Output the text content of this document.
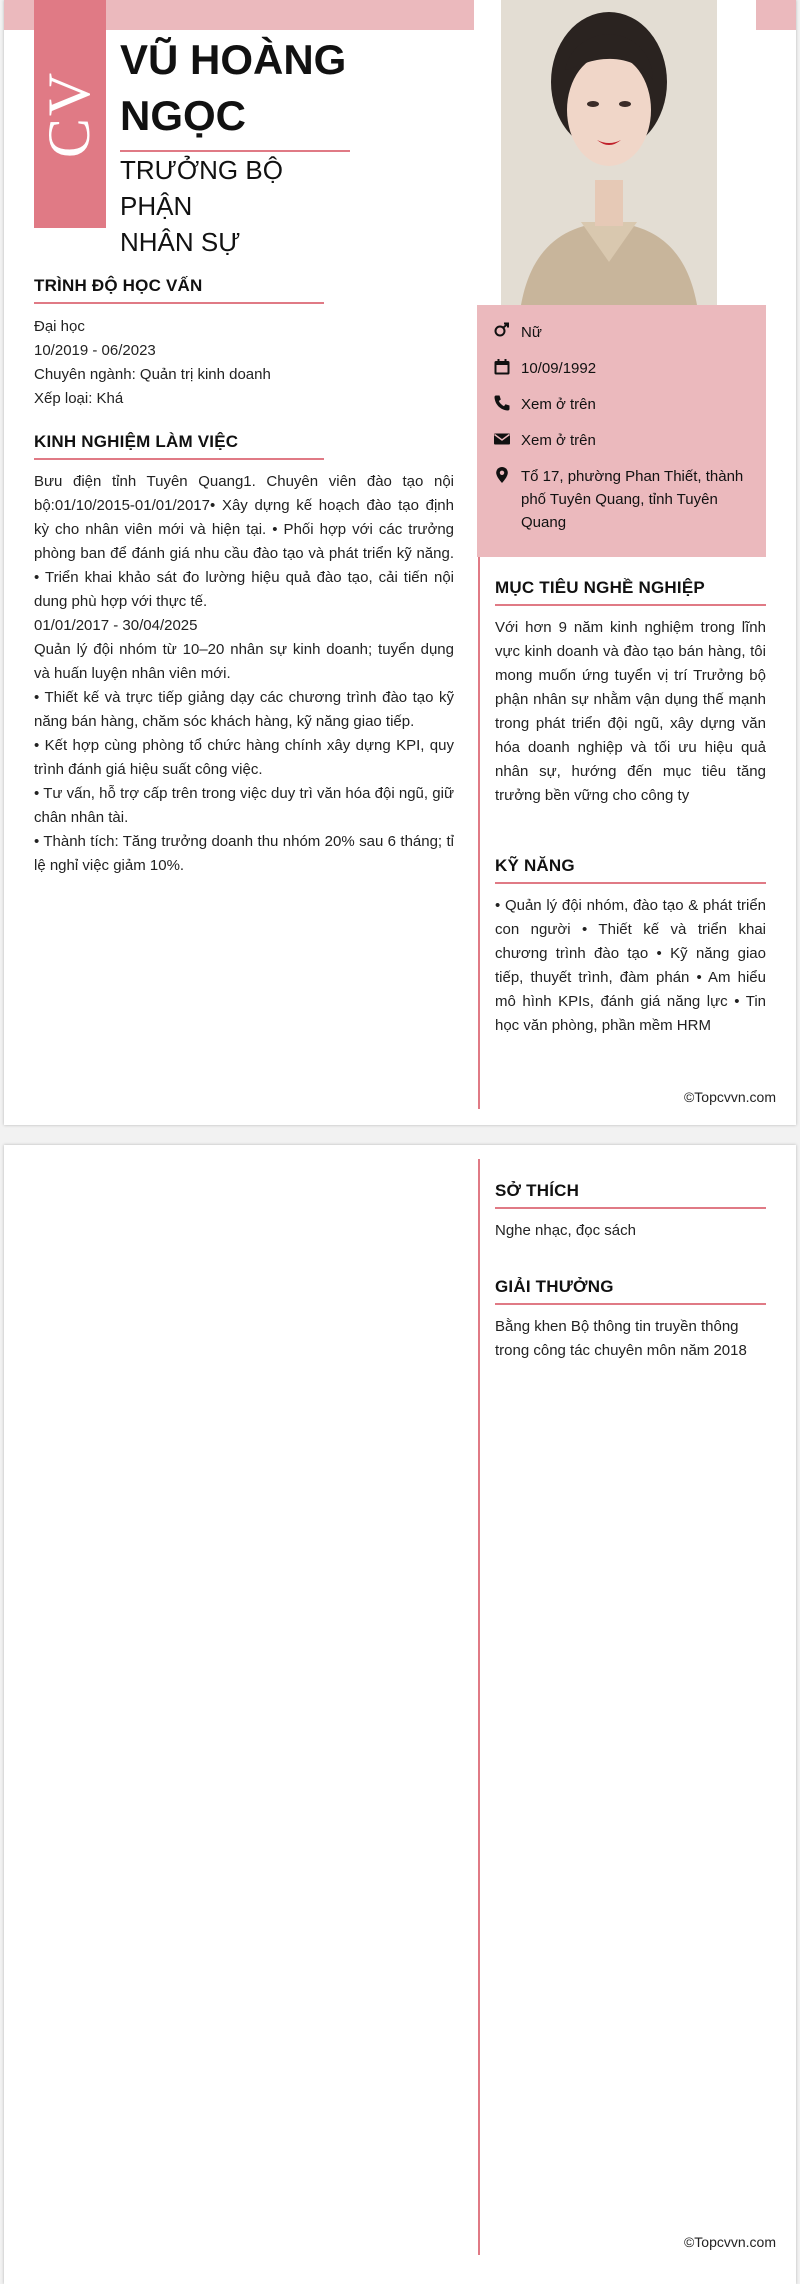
CV
VŨ HOÀNG
NGỌC
TRƯỞNG BỘ PHẬN
NHÂN SỰ
Nữ
10/09/1992
Xem ở trên
Xem ở trên
Tổ 17, phường Phan Thiết, thành phố Tuyên Quang, tỉnh Tuyên Quang
TRÌNH ĐỘ HỌC VẤN
Đại học
10/2019 - 06/2023
Chuyên ngành: Quản trị kinh doanh
Xếp loại: Khá
KINH NGHIỆM LÀM VIỆC
Bưu điện tỉnh Tuyên Quang1. Chuyên viên đào tạo nội bộ:01/10/2015-01/01/2017• Xây dựng kế hoạch đào tạo định kỳ cho nhân viên mới và hiện tại. • Phối hợp với các trưởng phòng ban để đánh giá nhu cầu đào tạo và phát triển kỹ năng. • Triển khai khảo sát đo lường hiệu quả đào tạo, cải tiến nội dung phù hợp với thực tế.
01/01/2017 - 30/04/2025
Quản lý đội nhóm từ 10–20 nhân sự kinh doanh; tuyển dụng và huấn luyện nhân viên mới.
• Thiết kế và trực tiếp giảng dạy các chương trình đào tạo kỹ năng bán hàng, chăm sóc khách hàng, kỹ năng giao tiếp.
• Kết hợp cùng phòng tổ chức hàng chính xây dựng KPI, quy trình đánh giá hiệu suất công việc.
• Tư vấn, hỗ trợ cấp trên trong việc duy trì văn hóa đội ngũ, giữ chân nhân tài.
• Thành tích: Tăng trưởng doanh thu nhóm 20% sau 6 tháng; tỉ lệ nghỉ việc giảm 10%.
MỤC TIÊU NGHỀ NGHIỆP

Với hơn 9 năm kinh nghiệm trong lĩnh vực kinh doanh và đào tạo bán hàng, tôi mong muốn ứng tuyển vị trí Trưởng bộ phận nhân sự nhằm vận dụng thế mạnh trong phát triển đội ngũ, xây dựng văn hóa doanh nghiệp và tối ưu hiệu quả nhân sự, hướng đến mục tiêu tăng trưởng bền vững cho công ty

KỸ NĂNG

• Quản lý đội nhóm, đào tạo & phát triển con người • Thiết kế và triển khai chương trình đào tạo • Kỹ năng giao tiếp, thuyết trình, đàm phán • Am hiểu mô hình KPIs, đánh giá năng lực • Tin học văn phòng, phần mềm HRM

©Topcvvn.com
SỞ THÍCH

Nghe nhạc, đọc sách

GIẢI THƯỞNG

Bằng khen Bộ thông tin truyền thông trong công tác chuyên môn năm 2018

©Topcvvn.com
